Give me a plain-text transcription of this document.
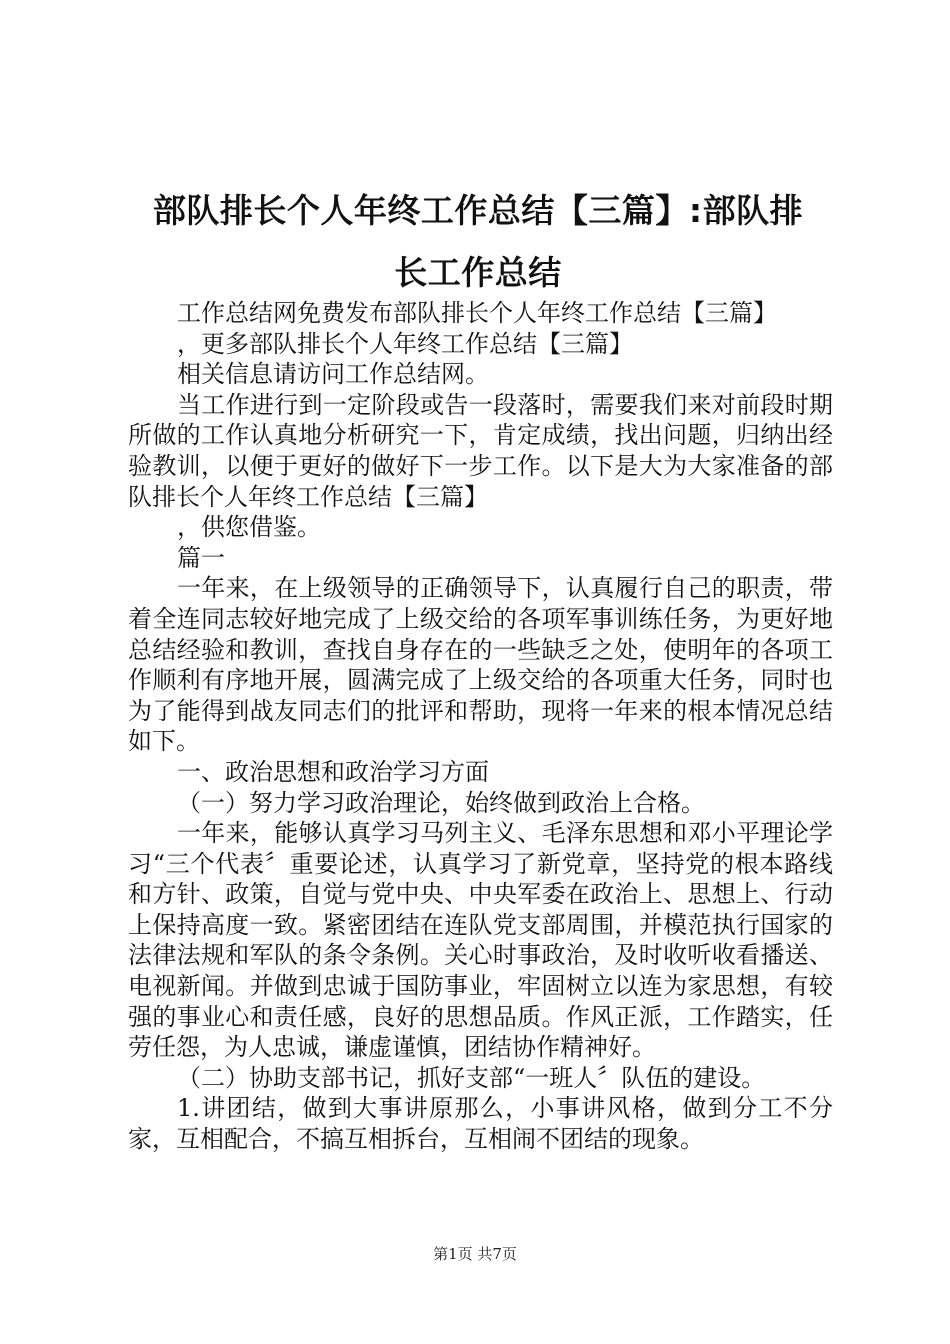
部队排长个人年终工作总结【三篇】:部队排
长工作总结

工作总结网免费发布部队排长个人年终工作总结【三篇】

，更多部队排长个人年终工作总结【三篇】

相关信息请访问工作总结网。

当工作进行到一定阶段或告一段落时，需要我们来对前段时期所做的工作认真地分析研究一下，肯定成绩，找出问题，归纳出经验教训，以便于更好的做好下一步工作。以下是大为大家准备的部队排长个人年终工作总结【三篇】

，供您借鉴。

篇一

一年来，在上级领导的正确领导下，认真履行自己的职责，带着全连同志较好地完成了上级交给的各项军事训练任务，为更好地总结经验和教训，查找自身存在的一些缺乏之处，使明年的各项工作顺利有序地开展，圆满完成了上级交给的各项重大任务，同时也为了能得到战友同志们的批评和帮助，现将一年来的根本情况总结如下。

一、政治思想和政治学习方面

（一）努力学习政治理论，始终做到政治上合格。

一年来，能够认真学习马列主义、毛泽东思想和邓小平理论学习“三个代表〞重要论述，认真学习了新党章，坚持党的根本路线和方针、政策，自觉与党中央、中央军委在政治上、思想上、行动上保持高度一致。紧密团结在连队党支部周围，并模范执行国家的法律法规和军队的条令条例。关心时事政治，及时收听收看播送、电视新闻。并做到忠诚于国防事业，牢固树立以连为家思想，有较强的事业心和责任感，良好的思想品质。作风正派，工作踏实，任劳任怨，为人忠诚，谦虚谨慎，团结协作精神好。

（二）协助支部书记，抓好支部“一班人〞队伍的建设。

1.讲团结，做到大事讲原那么，小事讲风格，做到分工不分家，互相配合，不搞互相拆台，互相闹不团结的现象。

第1页 共7页
